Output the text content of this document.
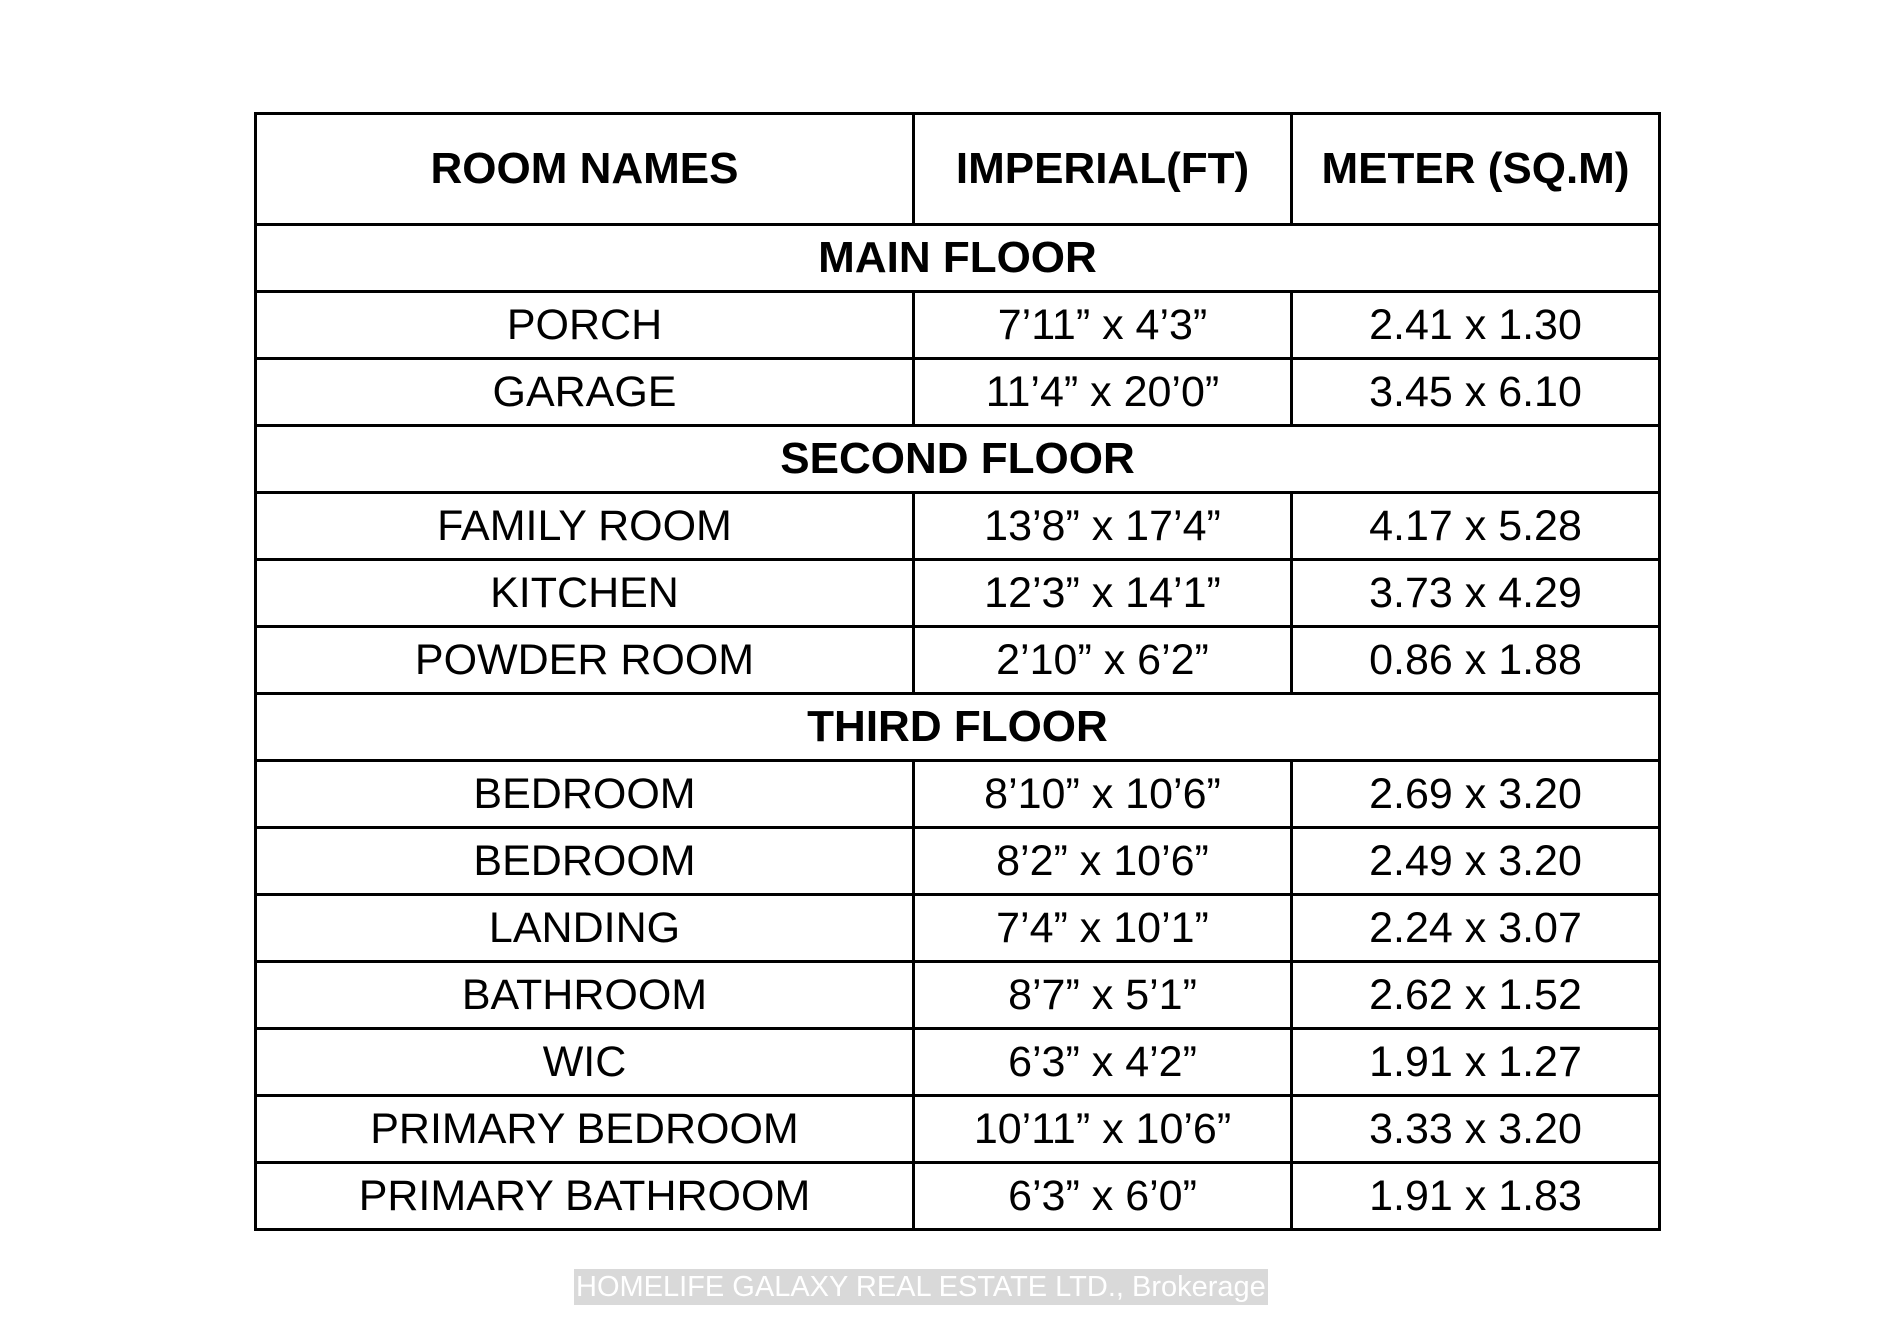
ROOM NAMES	IMPERIAL(FT)	METER (SQ.M)
MAIN FLOOR		
PORCH	7’11” x 4’3”	2.41 x 1.30
GARAGE	11’4” x 20’0”	3.45 x 6.10
SECOND FLOOR		
FAMILY ROOM	13’8” x 17’4”	4.17 x 5.28
KITCHEN	12’3” x 14’1”	3.73 x 4.29
POWDER ROOM	2’10” x 6’2”	0.86 x 1.88
THIRD FLOOR		
BEDROOM	8’10” x 10’6”	2.69 x 3.20
BEDROOM	8’2” x 10’6”	2.49 x 3.20
LANDING	7’4” x 10’1”	2.24 x 3.07
BATHROOM	8’7” x 5’1”	2.62 x 1.52
WIC	6’3” x 4’2”	1.91 x 1.27
PRIMARY BEDROOM	10’11” x 10’6”	3.33 x 3.20
PRIMARY BATHROOM	6’3” x 6’0”	1.91 x 1.83
HOMELIFE GALAXY REAL ESTATE LTD., Brokerage
